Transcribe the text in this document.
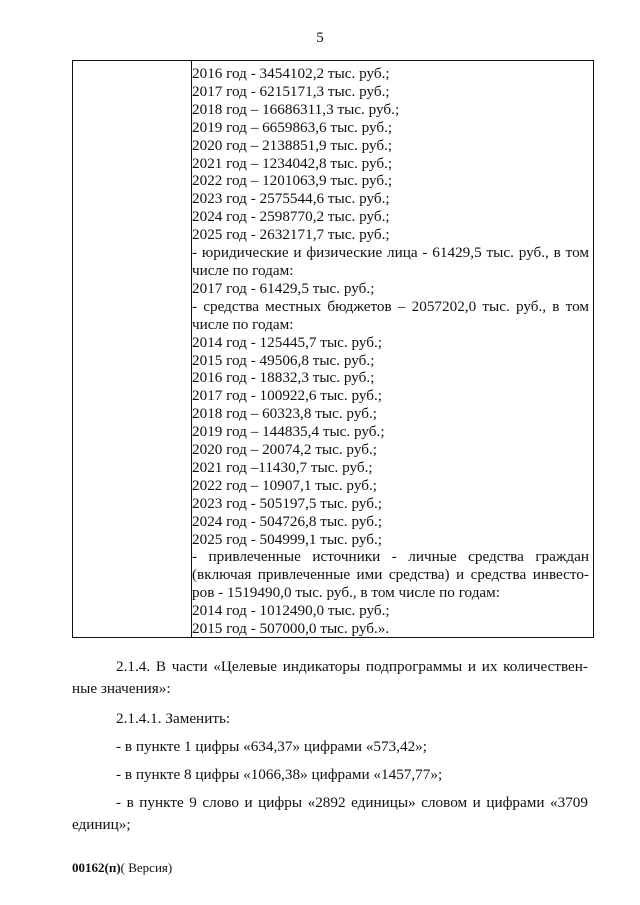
5
2016 год - 3454102,2 тыс. руб.;
2017 год - 6215171,3 тыс. руб.;
2018 год – 16686311,3 тыс. руб.;
2019 год – 6659863,6 тыс. руб.;
2020 год – 2138851,9 тыс. руб.;
2021 год – 1234042,8 тыс. руб.;
2022 год – 1201063,9 тыс. руб.;
2023 год - 2575544,6 тыс. руб.;
2024 год - 2598770,2 тыс. руб.;
2025 год - 2632171,7 тыс. руб.;
- юридические и физические лица - 61429,5 тыс. руб., в том
числе по годам:
2017 год - 61429,5 тыс. руб.;
- средства местных бюджетов – 2057202,0 тыс. руб., в том
числе по годам:
2014 год - 125445,7 тыс. руб.;
2015 год - 49506,8 тыс. руб.;
2016 год - 18832,3 тыс. руб.;
2017 год - 100922,6 тыс. руб.;
2018 год – 60323,8 тыс. руб.;
2019 год – 144835,4 тыс. руб.;
2020 год – 20074,2 тыс. руб.;
2021 год –11430,7 тыс. руб.;
2022 год – 10907,1 тыс. руб.;
2023 год - 505197,5 тыс. руб.;
2024 год - 504726,8 тыс. руб.;
2025 год - 504999,1 тыс. руб.;
- привлеченные источники - личные средства граждан
(включая привлеченные ими средства) и средства инвесто-
ров - 1519490,0 тыс. руб., в том числе по годам:
2014 год - 1012490,0 тыс. руб.;
2015 год - 507000,0 тыс. руб.».
2.1.4. В части «Целевые индикаторы подпрограммы и их количествен-ные значения»:
2.1.4.1. Заменить:
- в пункте 1 цифры «634,37» цифрами «573,42»;
- в пункте 8 цифры «1066,38» цифрами «1457,77»;
- в пункте 9 слово и цифры «2892 единицы» словом и цифрами «3709 единиц»;
00162(п)( Версия)
